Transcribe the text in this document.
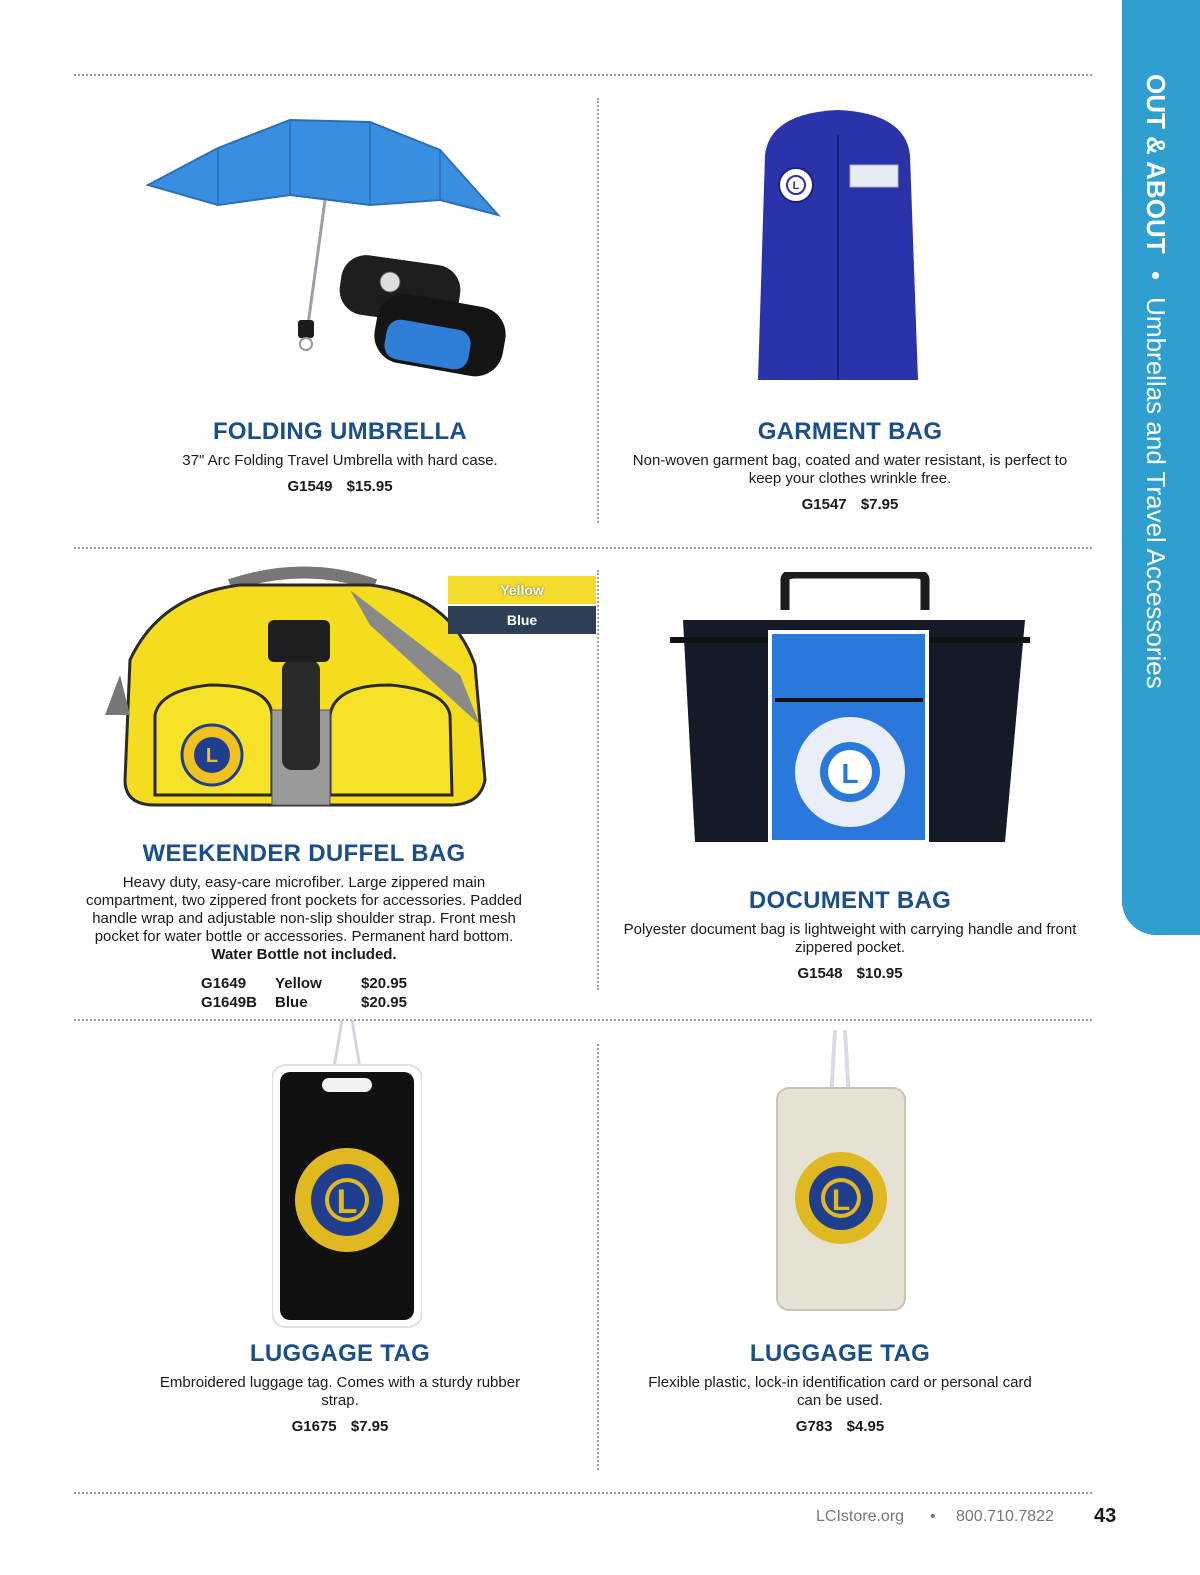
OUT & ABOUT • Umbrellas and Travel Accessories
L
FOLDING UMBRELLA
37" Arc Folding Travel Umbrella with hard case.
G1549 $15.95
GARMENT BAG
Non-woven garment bag, coated and water resistant, is perfect to keep your clothes wrinkle free.
G1547 $7.95
L
Yellow
Blue
WEEKENDER DUFFEL BAG
Heavy duty, easy-care microfiber. Large zippered main compartment, two zippered front pockets for accessories. Padded handle wrap and adjustable non-slip shoulder strap. Front mesh pocket for water bottle or accessories. Permanent hard bottom.
Water Bottle not included.
G1649	Yellow	$20.95
G1649B	Blue	$20.95
L
DOCUMENT BAG
Polyester document bag is lightweight with carrying handle and front zippered pocket.
G1548 $10.95
L
LUGGAGE TAG
Embroidered luggage tag. Comes with a sturdy rubber strap.
G1675 $7.95
L
LUGGAGE TAG
Flexible plastic, lock-in identification card or personal card can be used.
G783 $4.95
LCIstore.org • 800.710.7822 43
